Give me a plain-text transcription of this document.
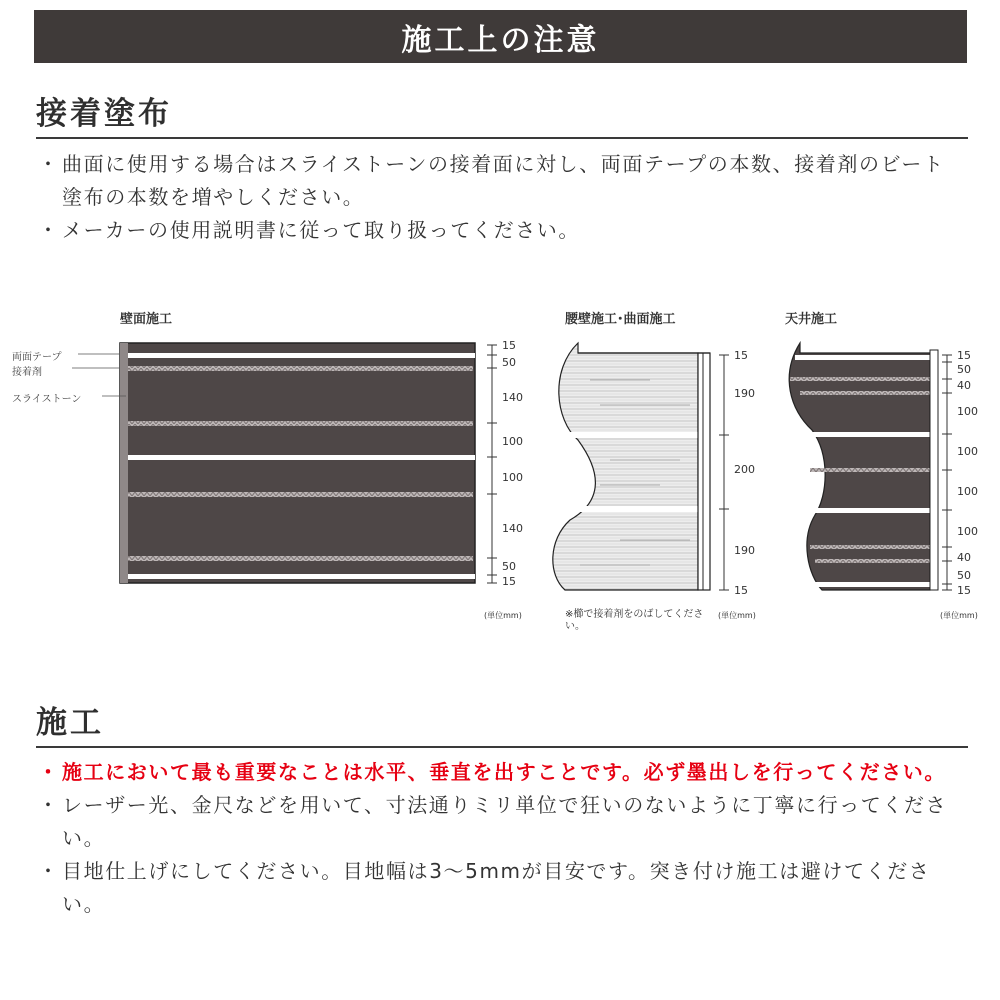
施工上の注意
接着塗布
・ 曲面に使用する場合はスライストーンの接着面に対し、両面テープの本数、接着剤のビート塗布の本数を増やしください。
・ メーカーの使用説明書に従って取り扱ってください。
壁面施工	腰壁施工･曲面施工	天井施工
両面テープ
接着剤
スライストーン
15
50
140
100
100
140
50
15
(単位mm)
15
190
200
190
15
※櫛で接着剤をのばしてください。
(単位mm)
15
50
40
100
100
100
100
40
50
15
(単位mm)
施工
・ 施工において最も重要なことは水平、垂直を出すことです。必ず墨出しを行ってください。
・ レーザー光、金尺などを用いて、寸法通りミリ単位で狂いのないように丁寧に行ってください。
・ 目地仕上げにしてください。目地幅は3〜5mmが目安です。突き付け施工は避けてください。
